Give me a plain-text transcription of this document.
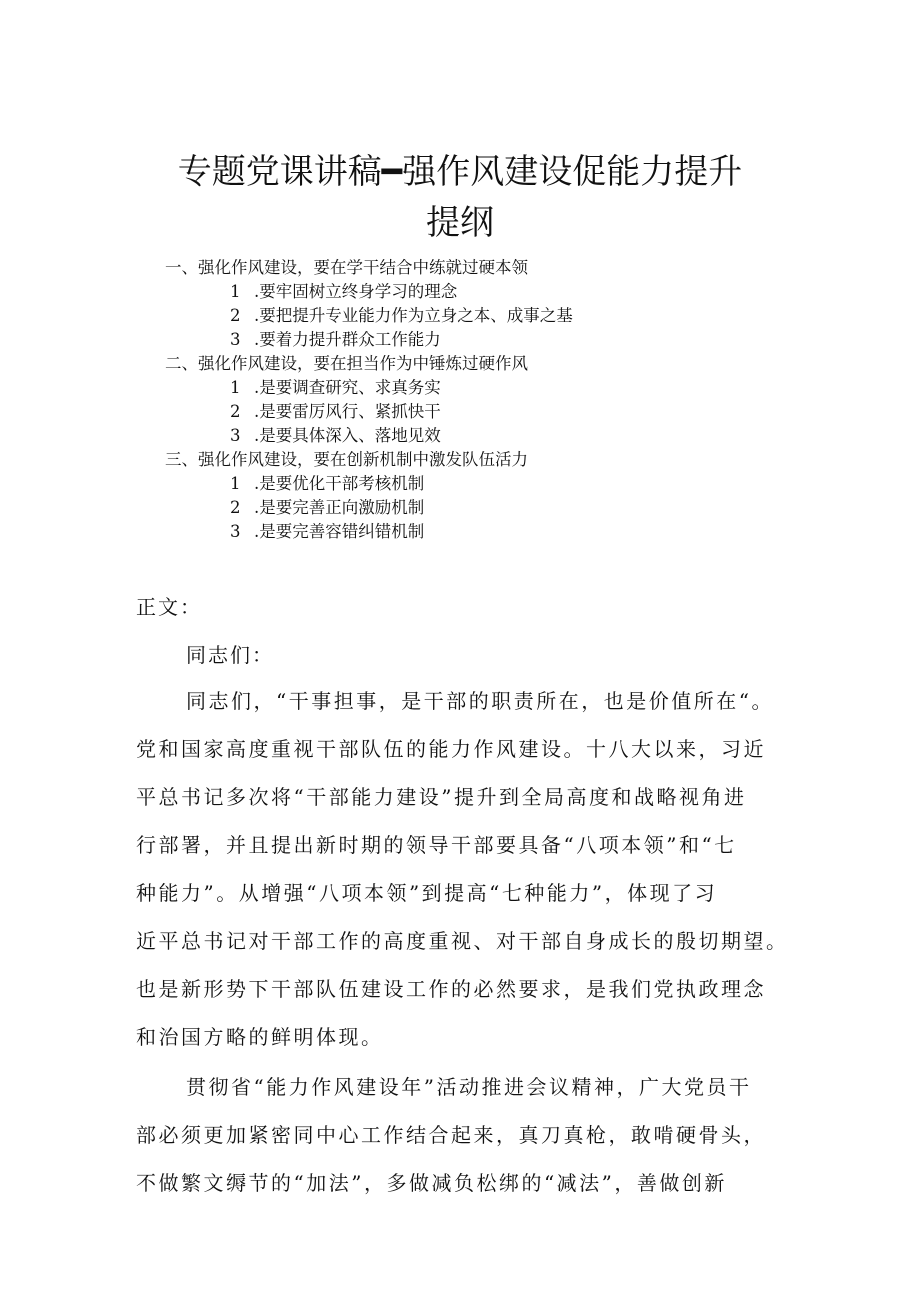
专题党课讲稿━强作风建设促能力提升
提纲
一、强化作风建设，要在学干结合中练就过硬本领
1 .要牢固树立终身学习的理念
2 .要把提升专业能力作为立身之本、成事之基
3 .要着力提升群众工作能力
二、强化作风建设，要在担当作为中锤炼过硬作风
1 .是要调查研究、求真务实
2 .是要雷厉风行、紧抓快干
3 .是要具体深入、落地见效
三、强化作风建设，要在创新机制中激发队伍活力
1 .是要优化干部考核机制
2 .是要完善正向激励机制
3 .是要完善容错纠错机制
正文：
同志们：
同志们，“干事担事，是干部的职责所在，也是价值所在“。
党和国家高度重视干部队伍的能力作风建设。十八大以来，习近
平总书记多次将“干部能力建设”提升到全局高度和战略视角进
行部署，并且提出新时期的领导干部要具备“八项本领”和“七
种能力”。从增强“八项本领”到提高“七种能力”，体现了习
近平总书记对干部工作的高度重视、对干部自身成长的殷切期望。
也是新形势下干部队伍建设工作的必然要求，是我们党执政理念
和治国方略的鲜明体现。
贯彻省“能力作风建设年”活动推进会议精神，广大党员干
部必须更加紧密同中心工作结合起来，真刀真枪，敢啃硬骨头，
不做繁文缛节的“加法”，多做减负松绑的“减法”，善做创新
